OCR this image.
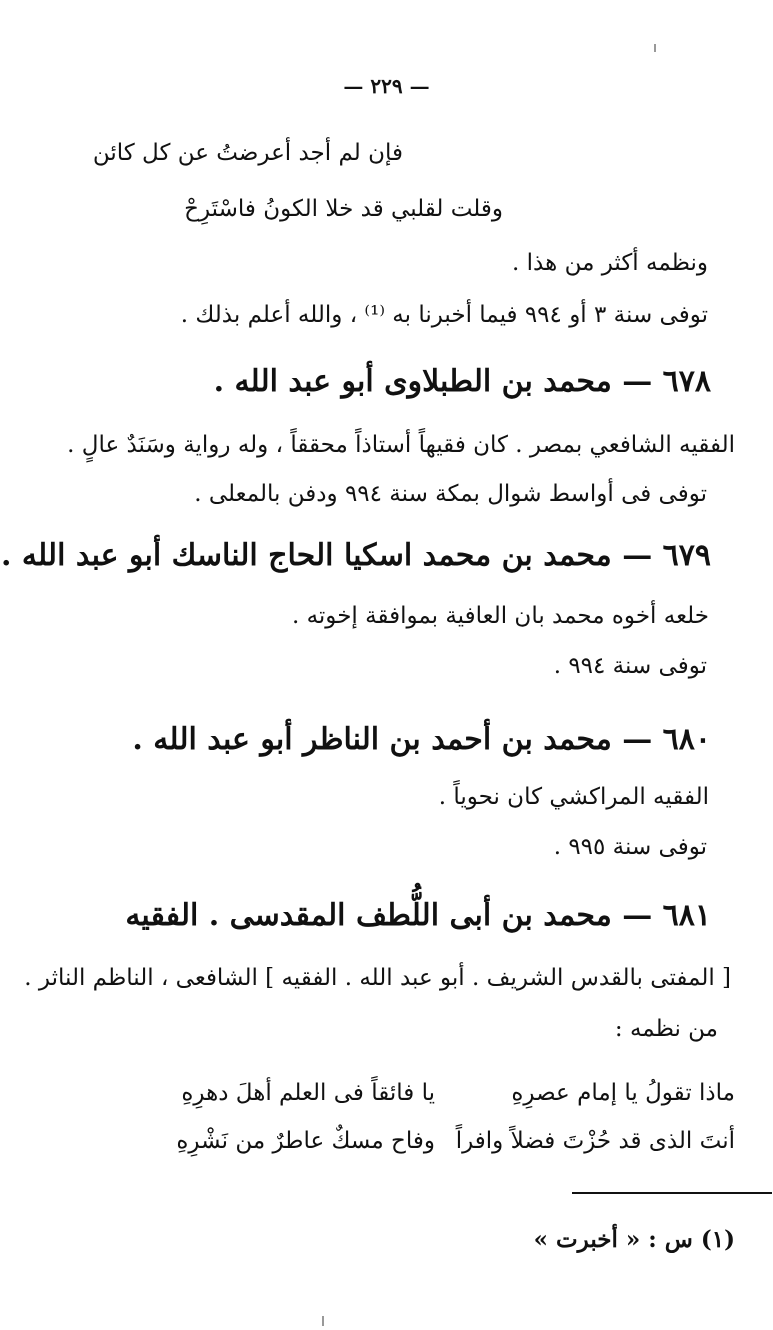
— ٢٢٩ —
فإن لم أجد أعرضتُ عن كل كائن
وقلت لقلبي قد خلا الكونُ فاسْتَرِحْ
ونظمه أكثر من هذا .
توفى سنة ٣ أو ٩٩٤ فيما أخبرنا به ⁽¹⁾ ، والله أعلم بذلك .
٦٧٨ — محمد بن الطبلاوى أبو عبد الله .
الفقيه الشافعي بمصر . كان فقيهاً أستاذاً محققاً ، وله رواية وسَنَدٌ عالٍ .
توفى فى أواسط شوال بمكة سنة ٩٩٤ ودفن بالمعلى .
٦٧٩ — محمد بن محمد اسكيا الحاج الناسك أبو عبد الله .
خلعه أخوه محمد بان العافية بموافقة إخوته .
توفى سنة ٩٩٤ .
٦٨٠ — محمد بن أحمد بن الناظر أبو عبد الله .
الفقيه المراكشي كان نحوياً .
توفى سنة ٩٩٥ .
٦٨١ — محمد بن أبى اللُّطف المقدسى . الفقيه
[ المفتى بالقدس الشريف . أبو عبد الله . الفقيه ] الشافعى ، الناظم الناثر .
من نظمه :
ماذا تقولُ يا إمام عصرِهِ
يا فائقاً فى العلم أهلَ دهرِهِ
أنتَ الذى قد حُزْتَ فضلاً وافراً
وفاح مسكٌ عاطرٌ من نَشْرِهِ
(١) س : « أخبرت »
